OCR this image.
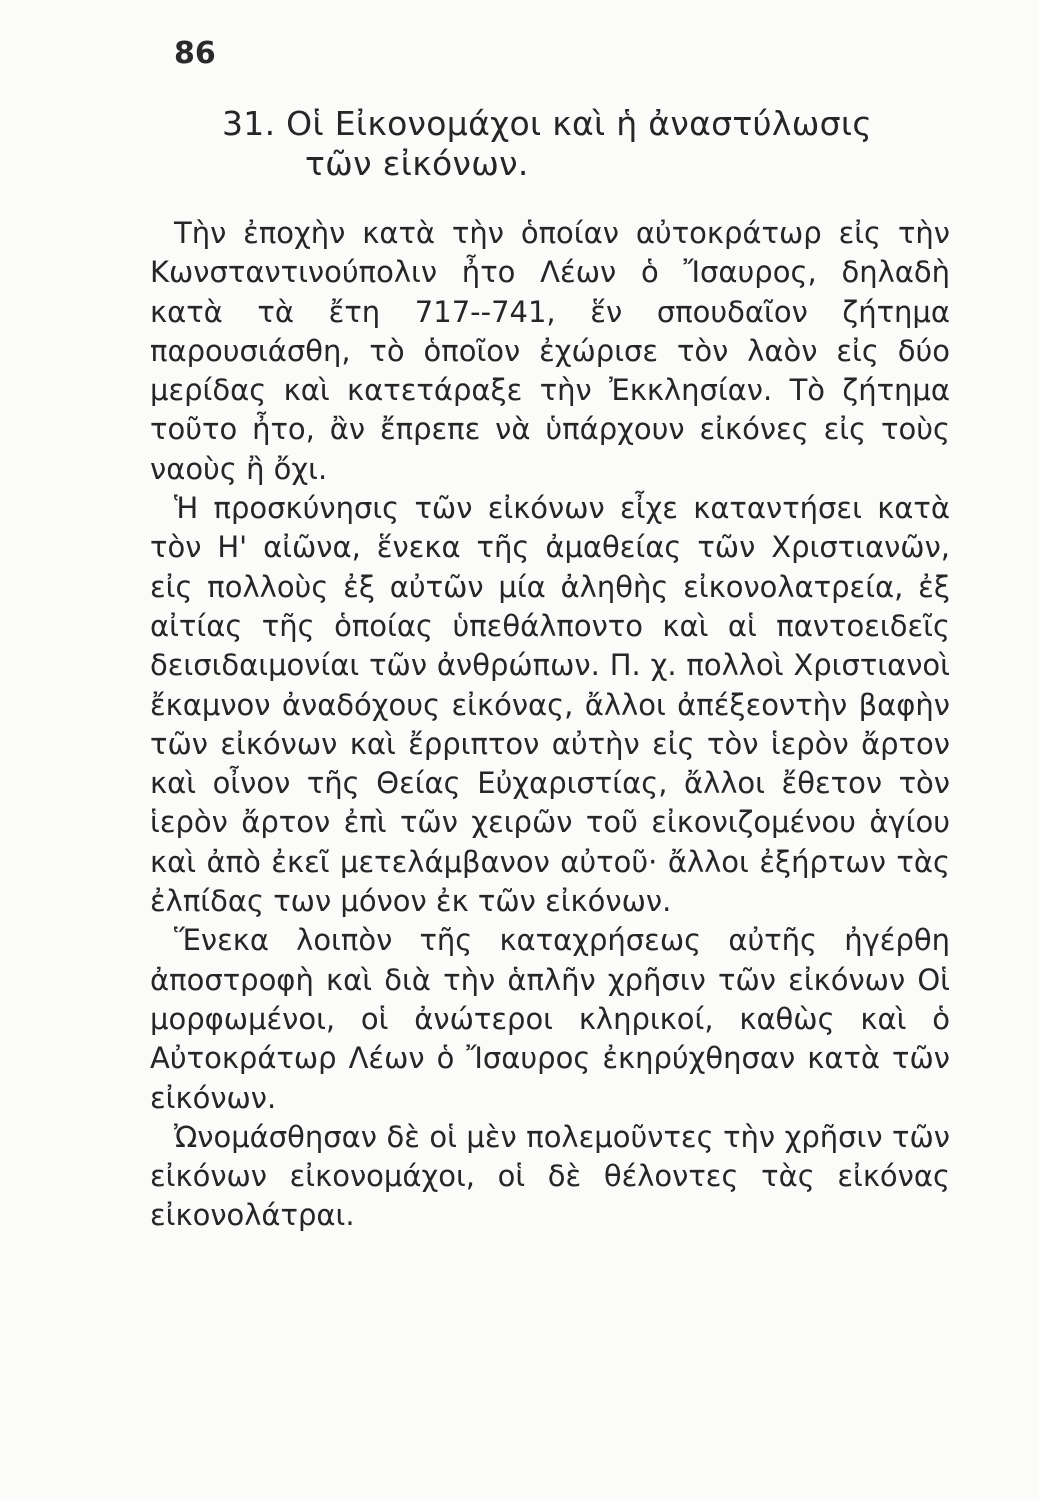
86
31. Οἱ Εἰκονομάχοι καὶ ἡ ἀναστύλωσις
τῶν εἰκόνων.

Τὴν ἐποχὴν κατὰ τὴν ὁποίαν αὐτοκράτωρ εἰς τὴν Κωνσταντινούπολιν ἦτο Λέων ὁ Ἴσαυρος, δηλαδὴ κατὰ τὰ ἔτη 717--741, ἕν σπουδαῖον ζήτημα παρουσιάσθη, τὸ ὁποῖον ἐχώρισε τὸν λαὸν εἰς δύο μερίδας καὶ κατετάραξε τὴν Ἐκκλησίαν. Τὸ ζήτημα τοῦτο ἦτο, ἂν ἔπρεπε νὰ ὑπάρχουν εἰκόνες εἰς τοὺς ναοὺς ἢ ὄχι.

Ἡ προσκύνησις τῶν εἰκόνων εἶχε καταντήσει κατὰ τὸν Η' αἰῶνα, ἕνεκα τῆς ἀμαθείας τῶν Χριστιανῶν, εἰς πολλοὺς ἐξ αὐτῶν μία ἀληθὴς εἰκονολατρεία, ἐξ αἰτίας τῆς ὁποίας ὑπεθάλποντο καὶ αἱ παντοειδεῖς δεισιδαιμονίαι τῶν ἀνθρώπων. Π. χ. πολλοὶ Χριστιανοὶ ἔκαμνον ἀναδόχους εἰκόνας, ἄλλοι ἀπέξεοντὴν βαφὴν τῶν εἰκόνων καὶ ἔρριπτον αὐτὴν εἰς τὸν ἱερὸν ἄρτον καὶ οἶνον τῆς Θείας Εὐχαριστίας, ἄλλοι ἔθετον τὸν ἱερὸν ἄρτον ἐπὶ τῶν χειρῶν τοῦ εἰκονιζομένου ἁγίου καὶ ἀπὸ ἐκεῖ μετελάμβανον αὐτοῦ· ἄλλοι ἐξήρτων τὰς ἐλπίδας των μόνον ἐκ τῶν εἰκόνων.

Ἕνεκα λοιπὸν τῆς καταχρήσεως αὐτῆς ἠγέρθη ἀποστροφὴ καὶ διὰ τὴν ἁπλῆν χρῆσιν τῶν εἰκόνων Οἱ μορφωμένοι, οἱ ἀνώτεροι κληρικοί, καθὼς καὶ ὁ Αὐτοκράτωρ Λέων ὁ Ἴσαυρος ἐκηρύχθησαν κατὰ τῶν εἰκόνων.

Ὠνομάσθησαν δὲ οἱ μὲν πολεμοῦντες τὴν χρῆσιν τῶν εἰκόνων εἰκονομάχοι, οἱ δὲ θέλοντες τὰς εἰκόνας εἰκονολάτραι.
